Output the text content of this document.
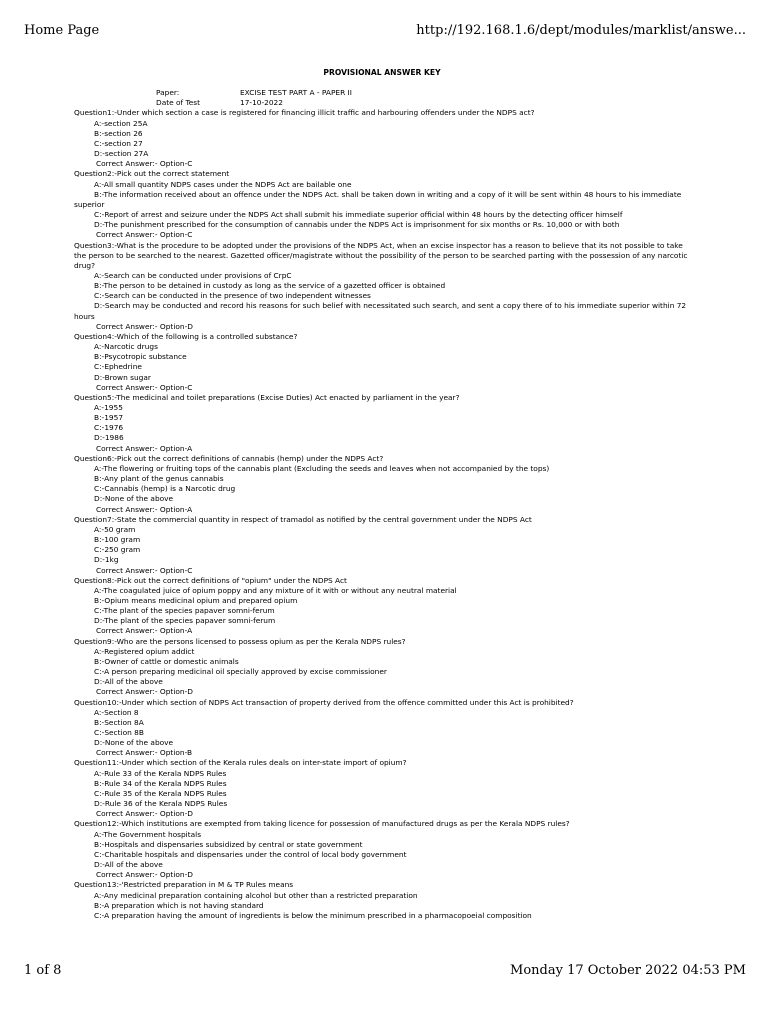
Home Page	http://192.168.1.6/dept/modules/marklist/answe...
PROVISIONAL ANSWER KEY
Paper:	EXCISE TEST PART A - PAPER II
Date of Test	17-10-2022
Question1:-Under which section a case is registered for financing illicit traffic and harbouring offenders under the NDPS act?
A:-section 25A
B:-section 26
C:-section 27
D:-section 27A
Correct Answer:- Option-C
Question2:-Pick out the correct statement
A:-All small quantity NDPS cases under the NDPS Act are bailable one
B:-The information received about an offence under the NDPS Act. shall be taken down in writing and a copy of it will be sent within 48 hours to his immediate superior
C:-Report of arrest and seizure under the NDPS Act shall submit his immediate superior official within 48 hours by the detecting officer himself
D:-The punishment prescribed for the consumption of cannabis under the NDPS Act is imprisonment for six months or Rs. 10,000 or with both
Correct Answer:- Option-C
Question3:-What is the procedure to be adopted under the provisions of the NDPS Act, when an excise inspector has a reason to believe that its not possible to take the person to be searched to the nearest. Gazetted officer/magistrate without the possibility of the person to be searched parting with the possession of any narcotic drug?
A:-Search can be conducted under provisions of CrpC
B:-The person to be detained in custody as long as the service of a gazetted officer is obtained
C:-Search can be conducted in the presence of two independent witnesses
D:-Search may be conducted and record his reasons for such belief with necessitated such search, and sent a copy there of to his immediate superior within 72 hours
Correct Answer:- Option-D
Question4:-Which of the following is a controlled substance?
A:-Narcotic drugs
B:-Psycotropic substance
C:-Ephedrine
D:-Brown sugar
Correct Answer:- Option-C
Question5:-The medicinal and toilet preparations (Excise Duties) Act enacted by parliament in the year?
A:-1955
B:-1957
C:-1976
D:-1986
Correct Answer:- Option-A
Question6:-Pick out the correct definitions of cannabis (hemp) under the NDPS Act?
A:-The flowering or fruiting tops of the cannabis plant (Excluding the seeds and leaves when not accompanied by the tops)
B:-Any plant of the genus cannabis
C:-Cannabis (hemp) is a Narcotic drug
D:-None of the above
Correct Answer:- Option-A
Question7:-State the commercial quantity in respect of tramadol as notified by the central government under the NDPS Act
A:-50 gram
B:-100 gram
C:-250 gram
D:-1kg
Correct Answer:- Option-C
Question8:-Pick out the correct definitions of "opium" under the NDPS Act
A:-The coagulated juice of opium poppy and any mixture of it with or without any neutral material
B:-Opium means medicinal opium and prepared opium
C:-The plant of the species papaver somni-ferum
D:-The plant of the species papaver somni-ferum
Correct Answer:- Option-A
Question9:-Who are the persons licensed to possess opium as per the Kerala NDPS rules?
A:-Registered opium addict
B:-Owner of cattle or domestic animals
C:-A person preparing medicinal oil specially approved by excise commissioner
D:-All of the above
Correct Answer:- Option-D
Question10:-Under which section of NDPS Act transaction of property derived from the offence committed under this Act is prohibited?
A:-Section 8
B:-Section 8A
C:-Section 8B
D:-None of the above
Correct Answer:- Option-B
Question11:-Under which section of the Kerala rules deals on inter-state import of opium?
A:-Rule 33 of the Kerala NDPS Rules
B:-Rule 34 of the Kerala NDPS Rules
C:-Rule 35 of the Kerala NDPS Rules
D:-Rule 36 of the Kerala NDPS Rules
Correct Answer:- Option-D
Question12:-Which institutions are exempted from taking licence for possession of manufactured drugs as per the Kerala NDPS rules?
A:-The Government hospitals
B:-Hospitals and dispensaries subsidized by central or state government
C:-Charitable hospitals and dispensaries under the control of local body government
D:-All of the above
Correct Answer:- Option-D
Question13:-'Restricted preparation in M & TP Rules means
A:-Any medicinal preparation containing alcohol but other than a restricted preparation
B:-A preparation which is not having standard
C:-A preparation having the amount of ingredients is below the minimum prescribed in a pharmacopoeial composition
1 of 8	Monday 17 October 2022 04:53 PM
